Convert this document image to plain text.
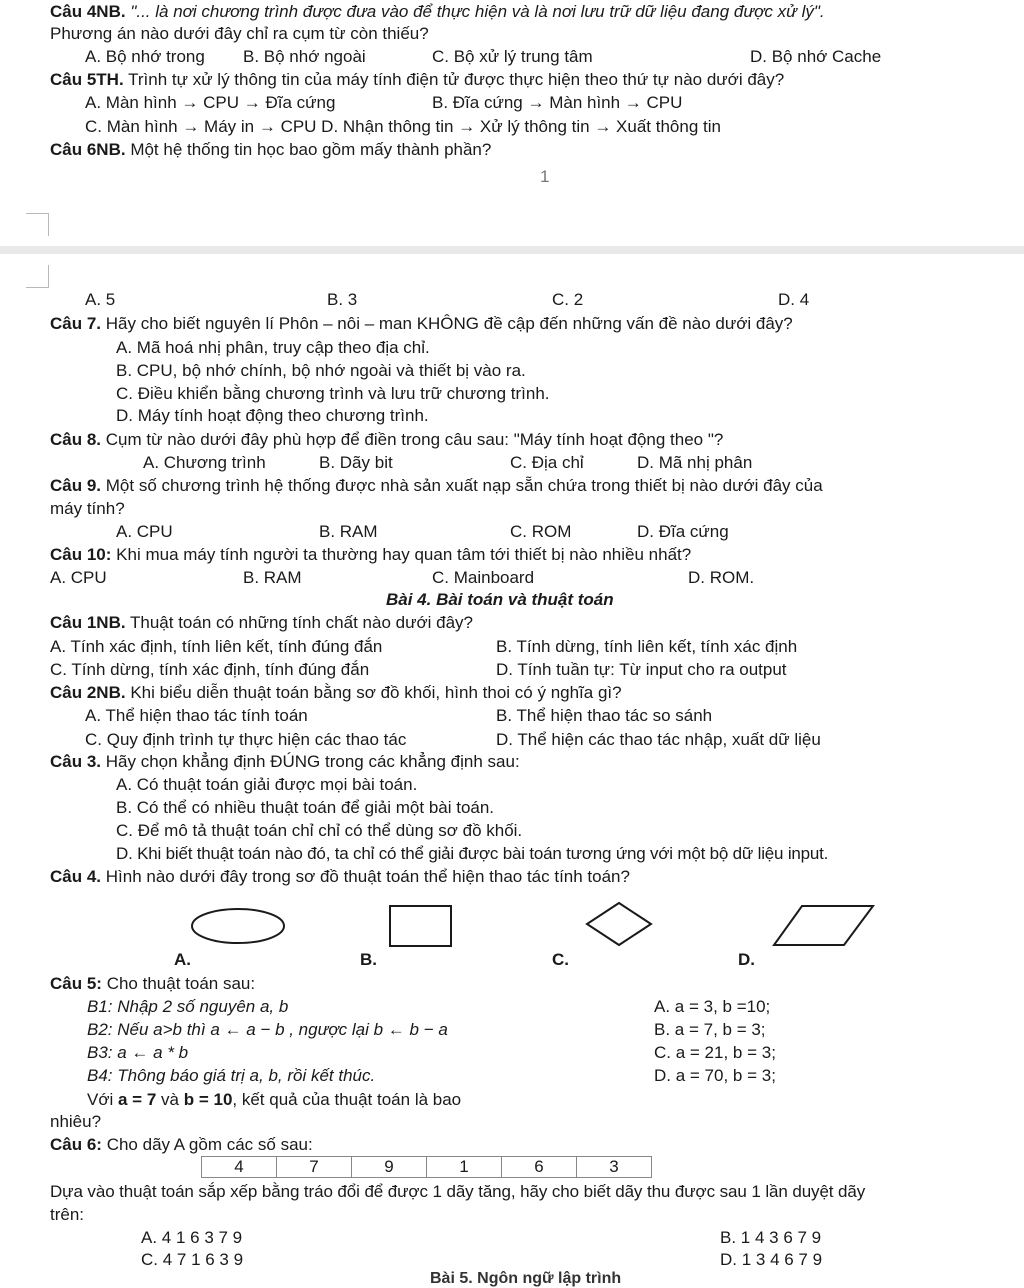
Câu 4NB. "... là nơi chương trình được đưa vào để thực hiện và là nơi lưu trữ dữ liệu đang được xử lý".
Phương án nào dưới đây chỉ ra cụm từ còn thiếu?
A. Bộ nhớ trong B. Bộ nhớ ngoài	C. Bộ xử lý trung tâm	D. Bộ nhớ Cache
Câu 5TH. Trình tự xử lý thông tin của máy tính điện tử được thực hiện theo thứ tự nào dưới đây?
A. Màn hình → CPU → Đĩa cứng	B. Đĩa cứng → Màn hình → CPU
C. Màn hình → Máy in → CPU D. Nhận thông tin → Xử lý thông tin → Xuất thông tin
Câu 6NB. Một hệ thống tin học bao gồm mấy thành phần?
1
A. 5	B. 3	C. 2	D. 4
Câu 7. Hãy cho biết nguyên lí Phôn – nôi – man KHÔNG đề cập đến những vấn đề nào dưới đây?
A. Mã hoá nhị phân, truy cập theo địa chỉ.
B. CPU, bộ nhớ chính, bộ nhớ ngoài và thiết bị vào ra.
C. Điều khiển bằng chương trình và lưu trữ chương trình.
D. Máy tính hoạt động theo chương trình.
Câu 8. Cụm từ nào dưới đây phù hợp để điền trong câu sau: "Máy tính hoạt động theo "?
A. Chương trình	B. Dãy bit	C. Địa chỉ	D. Mã nhị phân
Câu 9. Một số chương trình hệ thống được nhà sản xuất nạp sẵn chứa trong thiết bị nào dưới đây của
máy tính?
A. CPU	B. RAM	C. ROM	D. Đĩa cứng
Câu 10: Khi mua máy tính người ta thường hay quan tâm tới thiết bị nào nhiều nhất?
A. CPU	B. RAM	C. Mainboard	D. ROM.
Bài 4. Bài toán và thuật toán
Câu 1NB. Thuật toán có những tính chất nào dưới đây?
A. Tính xác định, tính liên kết, tính đúng đắn	B. Tính dừng, tính liên kết, tính xác định
C. Tính dừng, tính xác định, tính đúng đắn	D. Tính tuần tự: Từ input cho ra output
Câu 2NB. Khi biểu diễn thuật toán bằng sơ đồ khối, hình thoi có ý nghĩa gì?
A. Thể hiện thao tác tính toán	B. Thể hiện thao tác so sánh
C. Quy định trình tự thực hiện các thao tác	D. Thể hiện các thao tác nhập, xuất dữ liệu
Câu 3. Hãy chọn khẳng định ĐÚNG trong các khẳng định sau:
A. Có thuật toán giải được mọi bài toán.
B. Có thể có nhiều thuật toán để giải một bài toán.
C. Để mô tả thuật toán chỉ chỉ có thể dùng sơ đồ khối.
D. Khi biết thuật toán nào đó, ta chỉ có thể giải được bài toán tương ứng với một bộ dữ liệu input.
Câu 4. Hình nào dưới đây trong sơ đồ thuật toán thể hiện thao tác tính toán?
A.	B.	C.	D.
Câu 5: Cho thuật toán sau:
B1: Nhập 2 số nguyên a, b
B2: Nếu a>b thì a ← a − b , ngược lại b ← b − a
B3: a ← a * b
B4: Thông báo giá trị a, b, rồi kết thúc.
A. a = 3, b =10;
B. a = 7, b = 3;
C. a = 21, b = 3;
D. a = 70, b = 3;
Với a = 7 và b = 10, kết quả của thuật toán là bao
nhiêu?
Câu 6: Cho dãy A gồm các số sau:
4	7	9	1	6	3
Dựa vào thuật toán sắp xếp bằng tráo đổi để được 1 dãy tăng, hãy cho biết dãy thu được sau 1 lần duyệt dãy
trên:
A. 4 1 6 3 7 9	B. 1 4 3 6 7 9
C. 4 7 1 6 3 9	D. 1 3 4 6 7 9
Bài 5. Ngôn ngữ lập trình
